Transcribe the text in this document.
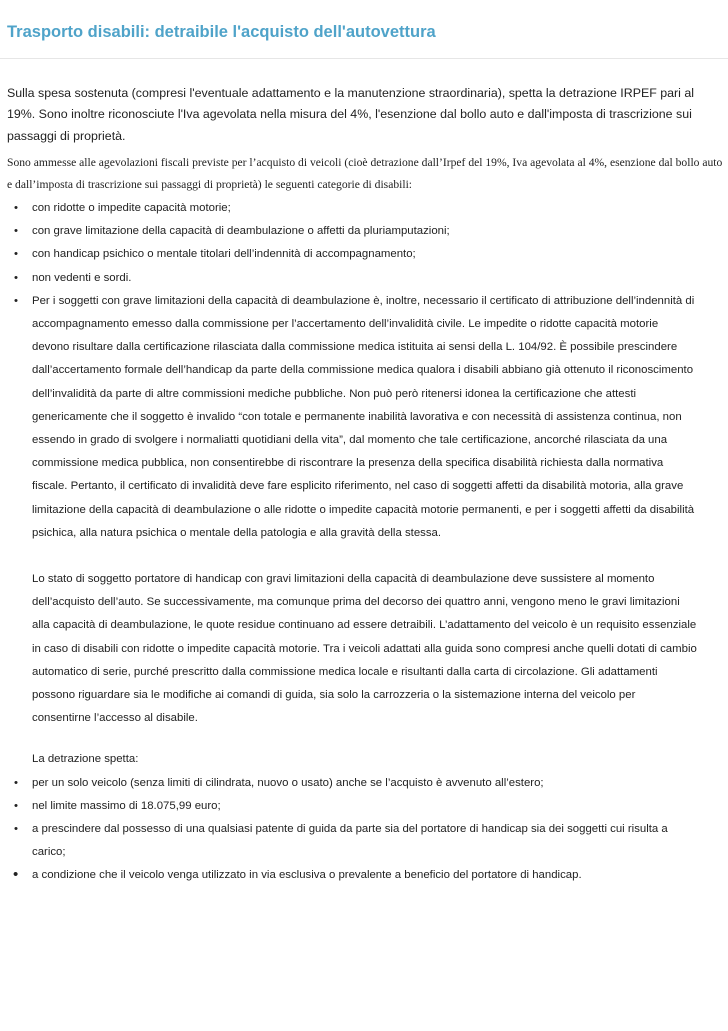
Trasporto disabili: detraibile l'acquisto dell'autovettura

Sulla spesa sostenuta (compresi l'eventuale adattamento e la manutenzione straordinaria), spetta la detrazione IRPEF pari al 19%. Sono inoltre riconosciute l'Iva agevolata nella misura del 4%, l'esenzione dal bollo auto e dall'imposta di trascrizione sui passaggi di proprietà.

Sono ammesse alle agevolazioni fiscali previste per l’acquisto di veicoli (cioè detrazione dall’Irpef del 19%, Iva agevolata al 4%, esenzione dal bollo auto e dall’imposta di trascrizione sui passaggi di proprietà) le seguenti categorie di disabili:

• con ridotte o impedite capacità motorie;
• con grave limitazione della capacità di deambulazione o affetti da pluriamputazioni;
• con handicap psichico o mentale titolari dell’indennità di accompagnamento;
• non vedenti e sordi.
• Per i soggetti con grave limitazioni della capacità di deambulazione è, inoltre, necessario il certificato di attribuzione dell’indennità di accompagnamento emesso dalla commissione per l’accertamento dell’invalidità civile. Le impedite o ridotte capacità motorie devono risultare dalla certificazione rilasciata dalla commissione medica istituita ai sensi della L. 104/92. È possibile prescindere dall’accertamento formale dell’handicap da parte della commissione medica qualora i disabili abbiano già ottenuto il riconoscimento dell’invalidità da parte di altre commissioni mediche pubbliche. Non può però ritenersi idonea la certificazione che attesti genericamente che il soggetto è invalido “con totale e permanente inabilità lavorativa e con necessità di assistenza continua, non essendo in grado di svolgere i normaliatti quotidiani della vita”, dal momento che tale certificazione, ancorché rilasciata da una commissione medica pubblica, non consentirebbe di riscontrare la presenza della specifica disabilità richiesta dalla normativa fiscale. Pertanto, il certificato di invalidità deve fare esplicito riferimento, nel caso di soggetti affetti da disabilità motoria, alla grave limitazione della capacità di deambulazione o alle ridotte o impedite capacità motorie permanenti, e per i soggetti affetti da disabilità psichica, alla natura psichica o mentale della patologia e alla gravità della stessa.

Lo stato di soggetto portatore di handicap con gravi limitazioni della capacità di deambulazione deve sussistere al momento dell’acquisto dell’auto. Se successivamente, ma comunque prima del decorso dei quattro anni, vengono meno le gravi limitazioni alla capacità di deambulazione, le quote residue continuano ad essere detraibili. L’adattamento del veicolo è un requisito essenziale in caso di disabili con ridotte o impedite capacità motorie. Tra i veicoli adattati alla guida sono compresi anche quelli dotati di cambio automatico di serie, purché prescritto dalla commissione medica locale e risultanti dalla carta di circolazione. Gli adattamenti possono riguardare sia le modifiche ai comandi di guida, sia solo la carrozzeria o la sistemazione interna del veicolo per consentirne l’accesso al disabile.

La detrazione spetta:

• per un solo veicolo (senza limiti di cilindrata, nuovo o usato) anche se l’acquisto è avvenuto all’estero;
• nel limite massimo di 18.075,99 euro;
• a prescindere dal possesso di una qualsiasi patente di guida da parte sia del portatore di handicap sia dei soggetti cui risulta a carico;
• a condizione che il veicolo venga utilizzato in via esclusiva o prevalente a beneficio del portatore di handicap.
